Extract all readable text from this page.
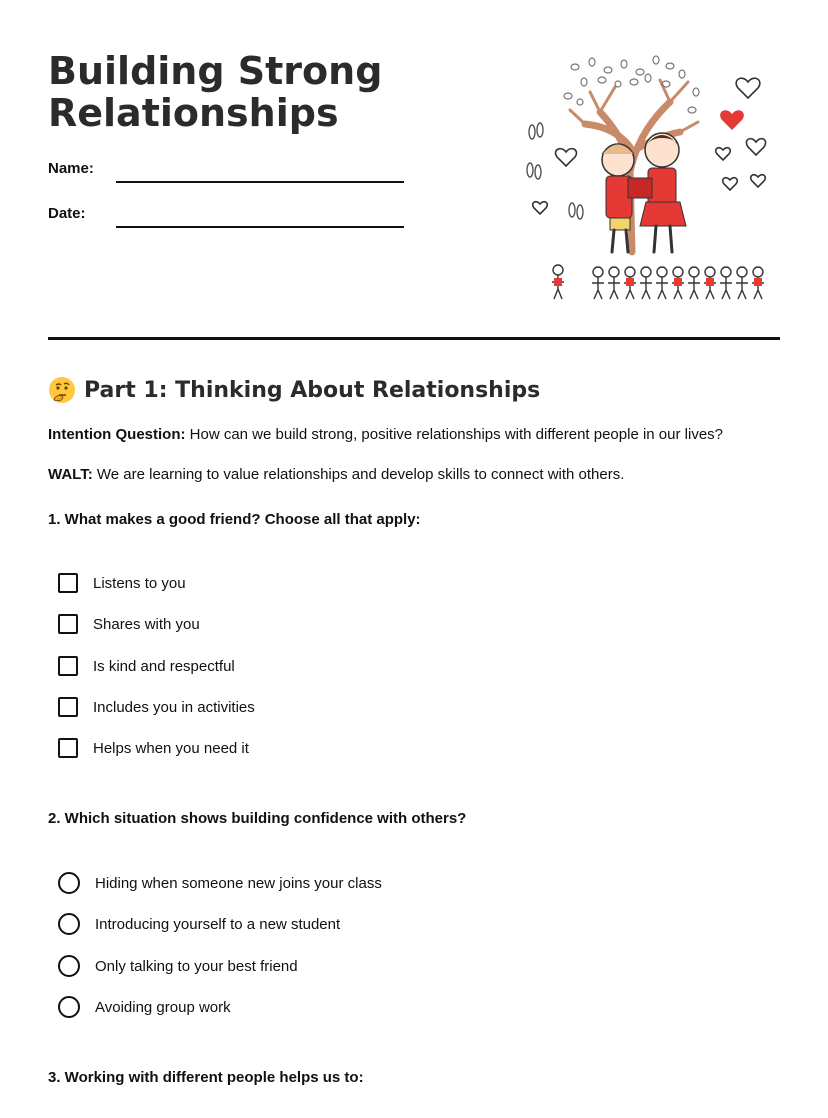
Building Strong Relationships
Name:
Date:
Part 1: Thinking About Relationships
Intention Question: How can we build strong, positive relationships with different people in our lives?
WALT: We are learning to value relationships and develop skills to connect with others.
1. What makes a good friend? Choose all that apply:
Listens to you
Shares with you
Is kind and respectful
Includes you in activities
Helps when you need it
2. Which situation shows building confidence with others?
Hiding when someone new joins your class
Introducing yourself to a new student
Only talking to your best friend
Avoiding group work
3. Working with different people helps us to:
